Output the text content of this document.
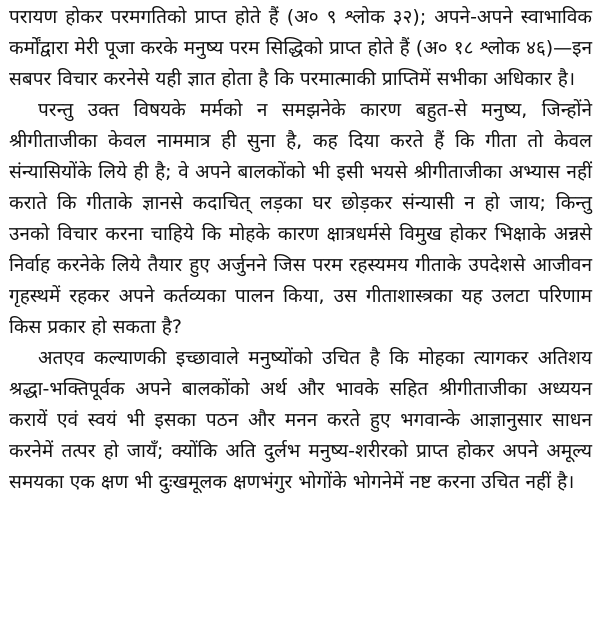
परायण होकर परमगतिको प्राप्त होते हैं (अ० ९ श्लोक ३२); अपने-अपने स्वाभाविक कर्मोंद्वारा मेरी पूजा करके मनुष्य परम सिद्धिको प्राप्त होते हैं (अ० १८ श्लोक ४६)—इन सबपर विचार करनेसे यही ज्ञात होता है कि परमात्माकी प्राप्तिमें सभीका अधिकार है।

परन्तु उक्त विषयके मर्मको न समझनेके कारण बहुत-से मनुष्य, जिन्होंने श्रीगीताजीका केवल नाममात्र ही सुना है, कह दिया करते हैं कि गीता तो केवल संन्यासियोंके लिये ही है; वे अपने बालकोंको भी इसी भयसे श्रीगीताजीका अभ्यास नहीं कराते कि गीताके ज्ञानसे कदाचित् लड़का घर छोड़कर संन्यासी न हो जाय; किन्तु उनको विचार करना चाहिये कि मोहके कारण क्षात्रधर्मसे विमुख होकर भिक्षाके अन्नसे निर्वाह करनेके लिये तैयार हुए अर्जुनने जिस परम रहस्यमय गीताके उपदेशसे आजीवन गृहस्थमें रहकर अपने कर्तव्यका पालन किया, उस गीताशास्त्रका यह उलटा परिणाम किस प्रकार हो सकता है?

अतएव कल्याणकी इच्छावाले मनुष्योंको उचित है कि मोहका त्यागकर अतिशय श्रद्धा-भक्तिपूर्वक अपने बालकोंको अर्थ और भावके सहित श्रीगीताजीका अध्ययन करायें एवं स्वयं भी इसका पठन और मनन करते हुए भगवान्के आज्ञानुसार साधन करनेमें तत्पर हो जायँ; क्योंकि अति दुर्लभ मनुष्य-शरीरको प्राप्त होकर अपने अमूल्य समयका एक क्षण भी दुःखमूलक क्षणभंगुर भोगोंके भोगनेमें नष्ट करना उचित नहीं है।
